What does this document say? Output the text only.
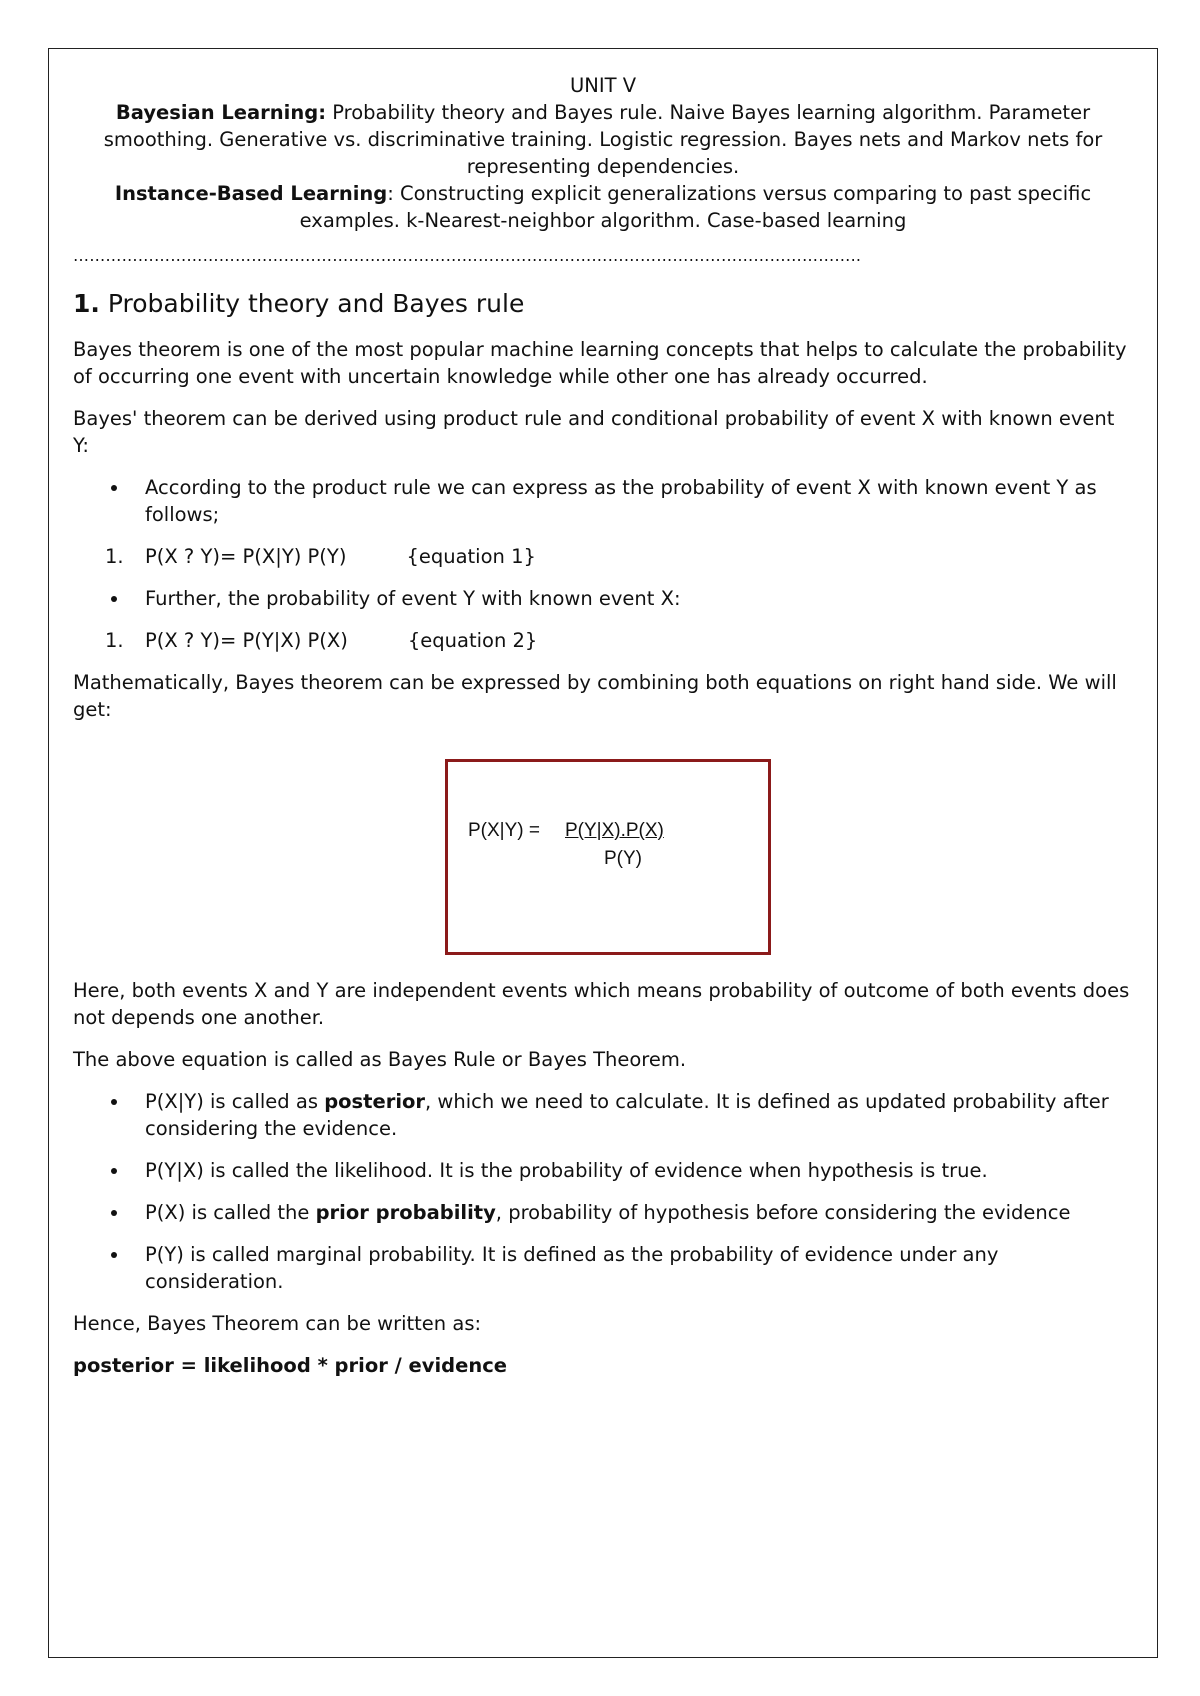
UNIT V
Bayesian Learning: Probability theory and Bayes rule. Naive Bayes learning algorithm. Parameter smoothing. Generative vs. discriminative training. Logistic regression. Bayes nets and Markov nets for representing dependencies.
Instance-Based Learning: Constructing explicit generalizations versus comparing to past specific examples. k-Nearest-neighbor algorithm. Case-based learning
………………………………………………………………………………………………………………………………..
1. Probability theory and Bayes rule

Bayes theorem is one of the most popular machine learning concepts that helps to calculate the probability of occurring one event with uncertain knowledge while other one has already occurred.

Bayes' theorem can be derived using product rule and conditional probability of event X with known event Y:

According to the product rule we can express as the probability of event X with known event Y as follows;
1.	P(X ? Y)= P(X|Y) P(Y)	{equation 1}
Further, the probability of event Y with known event X:
1.	P(X ? Y)= P(Y|X) P(X)	{equation 2}

Mathematically, Bayes theorem can be expressed by combining both equations on right hand side. We will get:

P(X|Y) = P(Y|X).P(X)
P(Y)

Here, both events X and Y are independent events which means probability of outcome of both events does not depends one another.

The above equation is called as Bayes Rule or Bayes Theorem.

P(X|Y) is called as posterior, which we need to calculate. It is defined as updated probability after considering the evidence.
P(Y|X) is called the likelihood. It is the probability of evidence when hypothesis is true.
P(X) is called the prior probability, probability of hypothesis before considering the evidence
P(Y) is called marginal probability. It is defined as the probability of evidence under any consideration.

Hence, Bayes Theorem can be written as:

posterior = likelihood * prior / evidence
